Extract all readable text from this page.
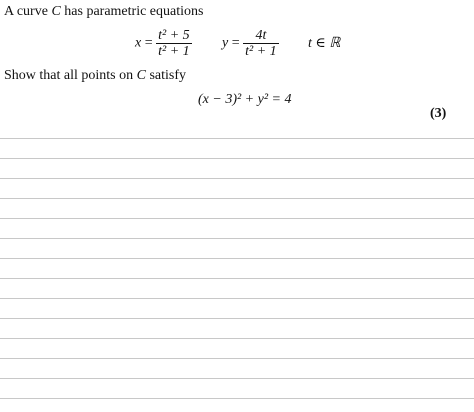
A curve C has parametric equations
$x = \frac{\text{t² + 5}}{\text{t² + 1}}$ $y = \frac{4t}{\text{t² + 1}}$ t ∈ ℝ
Show that all points on C satisfy
(x − 3)² + y² = 4
(3)
